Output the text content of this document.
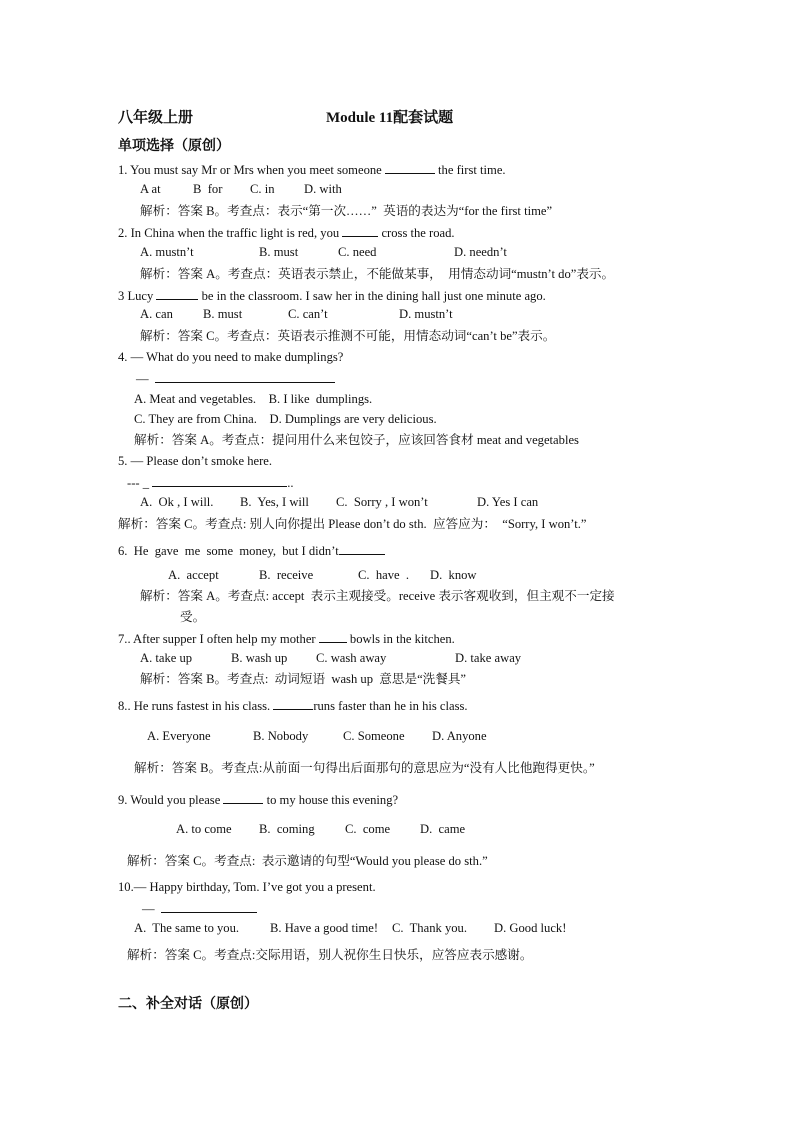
八年级上册	Module 11配套试题
单项选择（原创）
1. You must say Mr or Mrs when you meet someone	the first time.
A at	B  for C. in D. with
解析：答案 B。考查点：表示“第一次……”  英语的表达为“for the first time”
2. In China when the traffic light is red, you	cross the road.
A. mustn’t	B. must	C. need	D. needn’t
解析：答案 A。考查点：英语表示禁止，不能做某事，  用情态动词“mustn’t do”表示。
3 Lucy	be in the classroom. I saw her in the dining hall just one minute ago.
A. can B. must	C. can’t	D. mustn’t
解析：答案 C。考查点：英语表示推测不可能，用情态动词“can’t be”表示。
4. — What do you need to make dumplings?
—
A. Meat and vegetables.    B. I like  dumplings.
C. They are from China.    D. Dumplings are very delicious.
解析：答案 A。考查点：提问用什么来包饺子，应该回答食材 meat and vegetables
5. — Please don’t smoke here.
--- _	..
A.  Ok , I will. B.  Yes, I will C.  Sorry , I won’t	D. Yes I can
解析：答案 C。考查点: 别人向你提出 Please don’t do sth.  应答应为：  “Sorry, I won’t.”
6.  He  gave  me  some  money,  but I didn’t
A.  accept	B.  receive	C.  have  . D.  know
解析：答案 A。考查点: accept  表示主观接受。receive 表示客观收到，但主观不一定接
受。
7.. After supper I often help my mother  bowls in the kitchen.
A. take up	B. wash up C. wash away	D. take away
解析：答案 B。考查点:  动词短语  wash up  意思是“洗餐具”
8.. He runs fastest in his class.	runs faster than he in his class.
A. Everyone	B. Nobody	C. Someone D. Anyone
解析：答案 B。考查点:从前面一句得出后面那句的意思应为“没有人比他跑得更快。”
9. Would you please	to my house this evening?
A. to come B.  coming C.  come D.  came
解析：答案 C。考查点:  表示邀请的句型“Would you please do sth.”
10.— Happy birthday, Tom. I’ve got you a present.
—
A.  The same to you. B. Have a good time! C.  Thank you. D. Good luck!
解析：答案 C。考查点:交际用语，别人祝你生日快乐，应答应表示感谢。
二、补全对话（原创）
